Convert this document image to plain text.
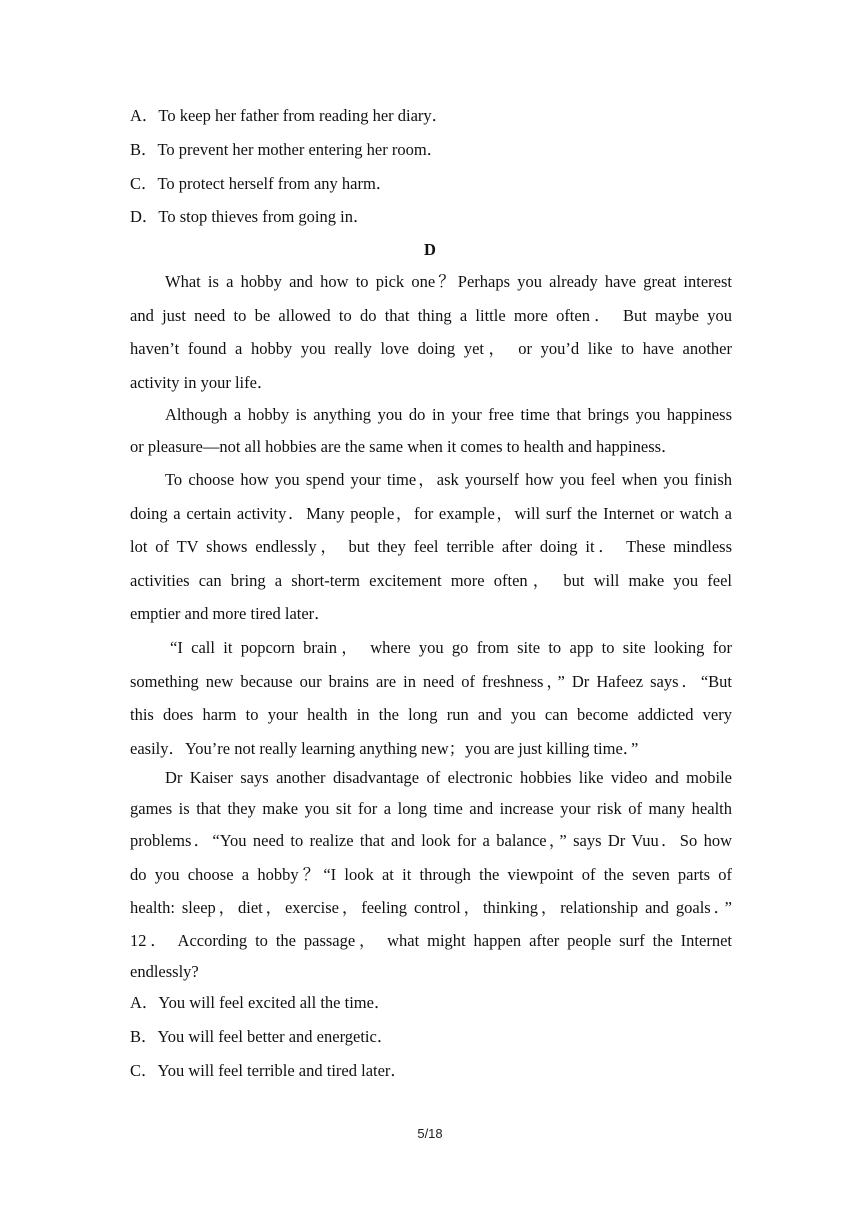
A．To keep her father from reading her diary．
B．To prevent her mother entering her room．
C．To protect herself from any harm．
D．To stop thieves from going in．
D
What is a hobby and how to pick one？Perhaps you already have great interest
and just need to be allowed to do that thing a little more often． But maybe you
haven’t found a hobby you really love doing yet， or you’d like to have another
activity in your life．
Although a hobby is anything you do in your free time that brings you happiness
or pleasure—not all hobbies are the same when it comes to health and happiness．
To choose how you spend your time，ask yourself how you feel when you finish
doing a certain activity．Many people，for example，will surf the Internet or watch a
lot of TV shows endlessly， but they feel terrible after doing it． These mindless
activities can bring a short-term excitement more often， but will make you feel
emptier and more tired later．
“I call it popcorn brain， where you go from site to app to site looking for
something new because our brains are in need of freshness，” Dr Hafeez says．“But
this does harm to your health in the long run and you can become addicted very
easily．You’re not really learning anything new；you are just killing time．”
Dr Kaiser says another disadvantage of electronic hobbies like video and mobile
games is that they make you sit for a long time and increase your risk of many health
problems．“You need to realize that and look for a balance，” says Dr Vuu．So how
do you choose a hobby？“I look at it through the viewpoint of the seven parts of
health: sleep，diet，exercise，feeling control，thinking，relationship and goals．”
12． According to the passage， what might happen after people surf the Internet
endlessly?
A．You will feel excited all the time．
B．You will feel better and energetic．
C．You will feel terrible and tired later．
5/18
